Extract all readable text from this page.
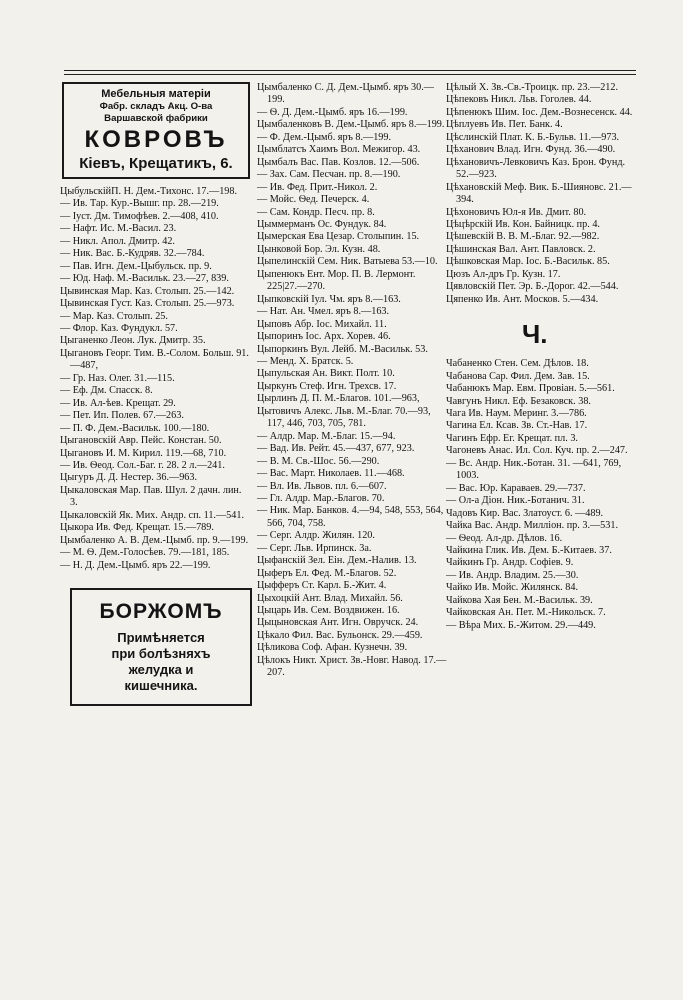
Мебельныя матеріи
Фабр. складъ Акц. О-ва
Варшавской фабрики
КОВРОВЪ
Кіевъ, Крещатикъ, 6.

ЦыбульскійП. Н. Дем.-Тихонс. 17.—198.

— Ив. Тар. Кур.-Вышг. пр. 28.—219.

— Іуст. Дм. Тимофѣев. 2.—408, 410.

— Нафт. Ис. М.-Васил. 23.

— Никл. Апол. Дмитр. 42.

— Ник. Вас. Б.-Кудряв. 32.—784.

— Пав. Игн. Дем.-Цыбульск. пр. 9.

— Юд. Наф. М.-Васильк. 23.—27, 839.

Цывинская Мар. Каз. Столып. 25.—142.

Цывинская Густ. Каз. Столып. 25.—973.

— Мар. Каз. Столып. 25.

— Флор. Каз. Фундукл. 57.

Цыганенко Леон. Лук. Дмитр. 35.

Цыгановъ Георг. Тим. В.-Солом. Больш. 91.—487,

— Гр. Наз. Олег. 31.—115.

— Еф. Дм. Спасск. 8.

— Ив. Ал-ѣев. Крещат. 29.

— Пет. Ип. Полев. 67.—263.

— П. Ф. Дем.-Васильк. 100.—180.

Цыгановскій Авр. Пейс. Констан. 50.

Цыгановъ И. М. Кирил. 119.—68, 710.

— Ив. Ѳеод. Сол.-Баг. г. 28. 2 л.—241.

Цыгуръ Д. Д. Нестер. 36.—963.

Цыкаловская Мар. Пав. Шул. 2 дачн. лин. 3.

Цыкаловскій Як. Мих. Андр. сп. 11.—541.

Цыкора Ив. Фед. Крещат. 15.—789.

Цымбаленко А. В. Дем.-Цымб. пр. 9.—199.

— М. Ѳ. Дем.-Голосѣев. 79.—181, 185.

— Н. Д. Дем.-Цымб. яръ 22.—199.

БОРЖОМЪ
Примѣняется
при болѣзняхъ
желудка и
кишечника.

Цымбаленко С. Д. Дем.-Цымб. яръ 30.— 199.

— Ѳ. Д. Дем.-Цымб. яръ 16.—199.

Цымбаленковъ В. Дем.-Цымб. яръ 8.—199.

— Ф. Дем.-Цымб. яръ 8.—199.

Цымблатсъ Хаимъ Вол. Межигор. 43.

Цымбалъ Вас. Пав. Козлов. 12.—506.

— Зах. Сам. Песчан. пр. 8.—190.

— Ив. Фед. Прит.-Никол. 2.

— Мойс. Ѳед. Печерск. 4.

— Сам. Кондр. Песч. пр. 8.

Цыммерманъ Ос. Фундук. 84.

Цымерская Ева Цезар. Столыпин. 15.

Цынковой Бор. Эл. Кузн. 48.

Цыпелинскій Сем. Ник. Ватыева 53.—10.

Цыпенюкъ Ент. Мор. П. В. Лермонт. 225|27.—270.

Цыпковскій Іул. Чм. яръ 8.—163.

— Нат. Ан. Чмел. яръ 8.—163.

Цыповъ Абр. Іос. Михайл. 11.

Цыпоринъ Іос. Арх. Хорев. 46.

Цыпоркинъ Вул. Лейб. М.-Васильк. 53.

— Менд. Х. Братск. 5.

Цыпульская Ан. Викт. Полт. 10.

Цыркунъ Стеф. Игн. Трехсв. 17.

Цырлинъ Д. П. М.-Благов. 101.—963,

Цытовичъ Алекс. Льв. М.-Благ. 70.—93, 117, 446, 703, 705, 781.

— Алдр. Мар. М.-Благ. 15.—94.

— Вад. Ив. Рейт. 45.—437, 677, 923.

— В. М. Св.-Шос. 56.—290.

— Вас. Март. Николаев. 11.—468.

— Вл. Ив. Львов. пл. 6.—607.

— Гл. Алдр. Мар.-Благов. 70.

— Ник. Мар. Банков. 4.—94, 548, 553, 564, 566, 704, 758.

— Серг. Алдр. Жилян. 120.

— Серг. Льв. Ирпинск. 3а.

Цыфанскій Зел. Еін. Дем.-Налив. 13.

Цыферъ Ел. Фед. М.-Благов. 52.

Цыфферъ Ст. Карл. Б.-Жит. 4.

Цыхоцкій Ант. Влад. Михайл. 56.

Цыцарь Ив. Сем. Воздвижен. 16.

Цыцыновская Ант. Игн. Овручск. 24.

Цѣкало Фил. Вас. Бульонск. 29.—459.

Цѣликова Соф. Афан. Кузнечн. 39.

Цѣлокъ Никт. Христ. Зв.-Новг. Навод. 17.—207.

Цѣлый Х. Зв.-Св.-Троицк. пр. 23.—212.

Цѣпековъ Никл. Льв. Гоголев. 44.

Цѣпенюкъ Шим. Іос. Дем.-Вознесенск. 44.

Цѣплуевъ Ив. Пет. Банк. 4.

Цѣслинскій Плат. К. Б.-Бульв. 11.—973.

Цѣханович Влад. Игн. Фунд. 36.—490.

Цѣхановичъ-Левковичъ Каз. Брон. Фунд. 52.—923.

Цѣхановскій Меф. Вик. Б.-Шияновс. 21.—394.

Цѣхоновичъ Юл-я Ив. Дмит. 80.

Цѣцѣрскій Ив. Кон. Байницк. пр. 4.

Цѣшевскій В. В. М.-Благ. 92.—982.

Цѣшинская Вал. Ант. Павловск. 2.

Цѣшковская Мар. Іос. Б.-Васильк. 85.

Цюзъ Ал-дръ Гр. Кузн. 17.

Цявловскій Пет. Эр. Б.-Дорог. 42.—544.

Цяпенко Ив. Ант. Москов. 5.—434.

Ч.

Чабаненко Стен. Сем. Дѣлов. 18.

Чабанова Сар. Фил. Дем. Зав. 15.

Чабанюкъ Мар. Евм. Провіан. 5.—561.

Чавгунъ Никл. Еф. Безаковск. 38.

Чага Ив. Наум. Меринг. 3.—786.

Чагина Ел. Ксав. Зв. Ст.-Нав. 17.

Чагинъ Ефр. Ег. Крещат. пл. 3.

Чагоневъ Анас. Ил. Сол. Куч. пр. 2.—247.

— Вс. Андр. Ник.-Ботан. 31. —641, 769, 1003.

— Вас. Юр. Караваев. 29.—737.

— Ол-а Діон. Ник.-Ботанич. 31.

Чадовъ Кир. Вас. Златоуст. 6. —489.

Чайка Вас. Андр. Милліон. пр. 3.—531.

— Ѳеод. Ал-др. Дѣлов. 16.

Чайкина Глик. Ив. Дем. Б.-Китаев. 37.

Чайкинъ Гр. Андр. Софіев. 9.

— Ив. Андр. Владим. 25.—30.

Чайко Ив. Мойс. Жилянск. 84.

Чайкова Хая Бен. М.-Васильк. 39.

Чайковская Ан. Пет. М.-Никольск. 7.

— Вѣра Мих. Б.-Житом. 29.—449.
